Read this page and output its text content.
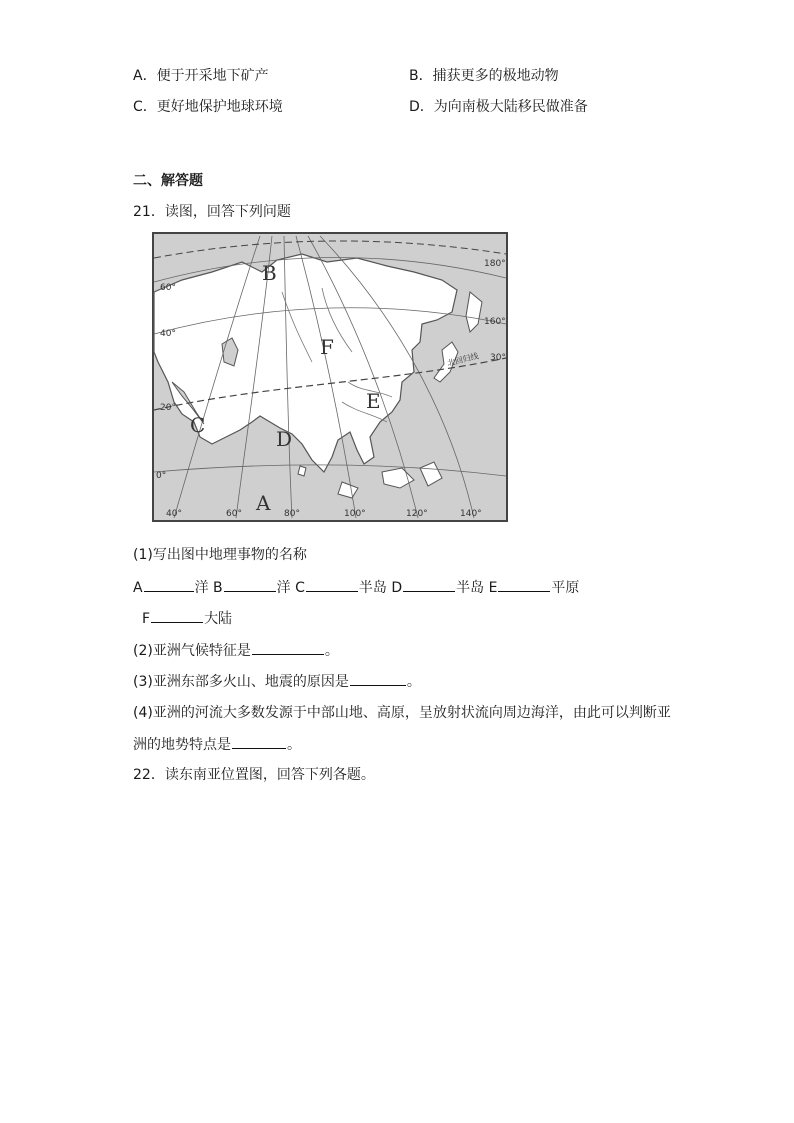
A．便于开采地下矿产	B．捕获更多的极地动物
C．更好地保护地球环境	D．为向南极大陆移民做准备
二、解答题
21．读图，回答下列问题
B
F
E
C
D
A
60°
40°
20°
0°
40°	60°	80°	100°	120°	140°
180°
160°
30°
北回归线
(1)写出图中地理事物的名称
A	洋 B	洋 C	半岛 D	半岛 E	平原
F	大陆
(2)亚洲气候特征是	。
(3)亚洲东部多火山、地震的原因是	。
(4)亚洲的河流大多数发源于中部山地、高原，呈放射状流向周边海洋，由此可以判断亚
洲的地势特点是	。
22．读东南亚位置图，回答下列各题。
